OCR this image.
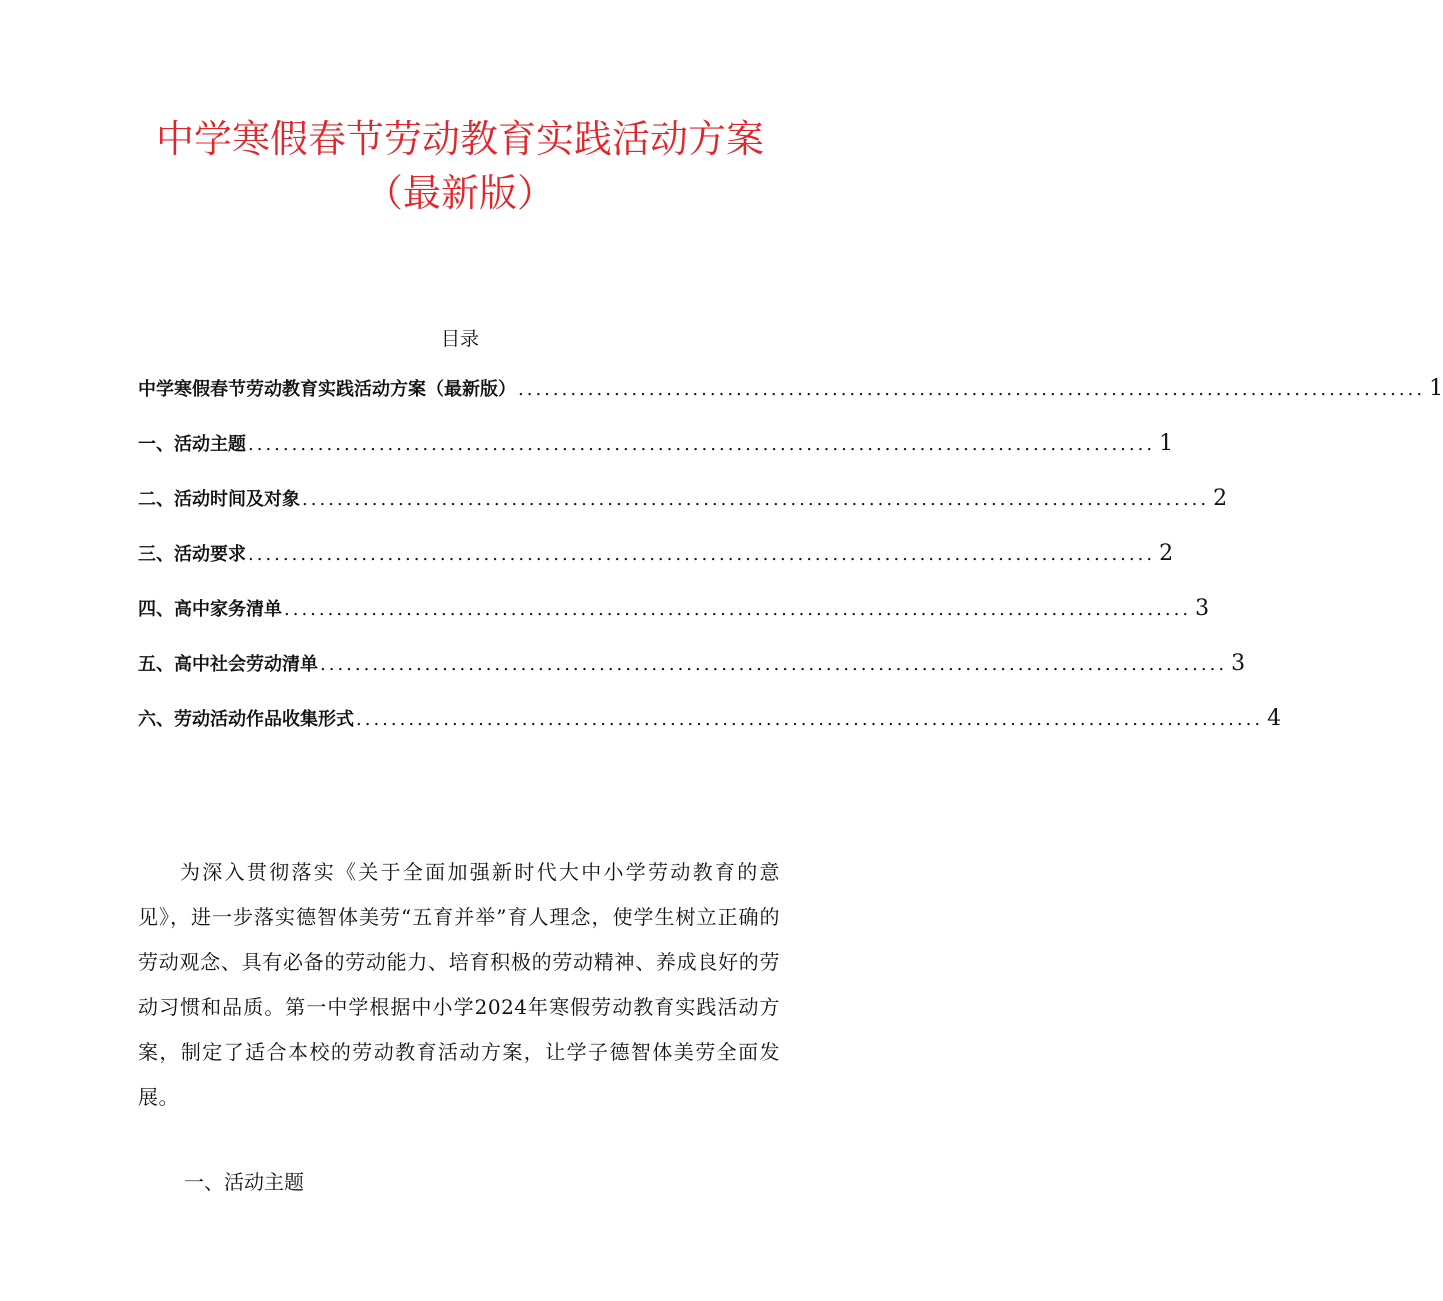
中学寒假春节劳动教育实践活动方案
（最新版）
目录
中学寒假春节劳动教育实践活动方案（最新版） ........................................................................................................ 1
一、活动主题 ........................................................................................................ 1
二、活动时间及对象 ........................................................................................................ 2
三、活动要求 ........................................................................................................ 2
四、高中家务清单 ........................................................................................................ 3
五、高中社会劳动清单 ........................................................................................................ 3
六、劳动活动作品收集形式 ........................................................................................................ 4

为深入贯彻落实《关于全面加强新时代大中小学劳动教育的意见》，进一步落实德智体美劳“五育并举”育人理念，使学生树立正确的劳动观念、具有必备的劳动能力、培育积极的劳动精神、养成良好的劳动习惯和品质。第一中学根据中小学2024年寒假劳动教育实践活动方案，制定了适合本校的劳动教育活动方案，让学子德智体美劳全面发展。

一、活动主题
